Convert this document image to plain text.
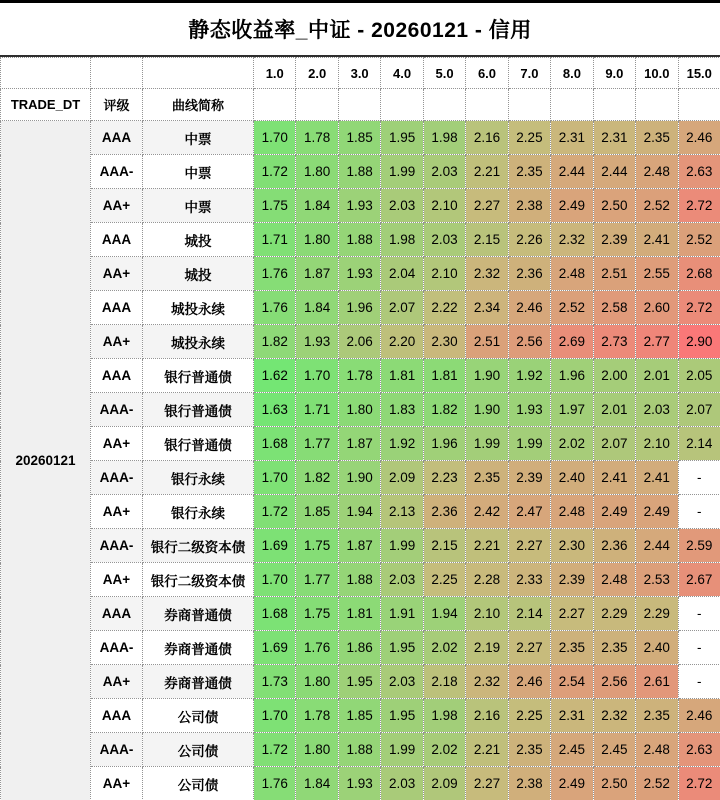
静态收益率_中证 - 20260121 - 信用
			1.0	2.0	3.0	4.0	5.0	6.0	7.0	8.0	9.0	10.0	15.0
TRADE_DT	评级	曲线简称											
20260121	AAA	中票	1.70	1.78	1.85	1.95	1.98	2.16	2.25	2.31	2.31	2.35	2.46
	AAA-	中票	1.72	1.80	1.88	1.99	2.03	2.21	2.35	2.44	2.44	2.48	2.63
	AA+	中票	1.75	1.84	1.93	2.03	2.10	2.27	2.38	2.49	2.50	2.52	2.72
	AAA	城投	1.71	1.80	1.88	1.98	2.03	2.15	2.26	2.32	2.39	2.41	2.52
	AA+	城投	1.76	1.87	1.93	2.04	2.10	2.32	2.36	2.48	2.51	2.55	2.68
	AAA	城投永续	1.76	1.84	1.96	2.07	2.22	2.34	2.46	2.52	2.58	2.60	2.72
	AA+	城投永续	1.82	1.93	2.06	2.20	2.30	2.51	2.56	2.69	2.73	2.77	2.90
	AAA	银行普通债	1.62	1.70	1.78	1.81	1.81	1.90	1.92	1.96	2.00	2.01	2.05
	AAA-	银行普通债	1.63	1.71	1.80	1.83	1.82	1.90	1.93	1.97	2.01	2.03	2.07
	AA+	银行普通债	1.68	1.77	1.87	1.92	1.96	1.99	1.99	2.02	2.07	2.10	2.14
	AAA-	银行永续	1.70	1.82	1.90	2.09	2.23	2.35	2.39	2.40	2.41	2.41	-
	AA+	银行永续	1.72	1.85	1.94	2.13	2.36	2.42	2.47	2.48	2.49	2.49	-
	AAA-	银行二级资本债	1.69	1.75	1.87	1.99	2.15	2.21	2.27	2.30	2.36	2.44	2.59
	AA+	银行二级资本债	1.70	1.77	1.88	2.03	2.25	2.28	2.33	2.39	2.48	2.53	2.67
	AAA	券商普通债	1.68	1.75	1.81	1.91	1.94	2.10	2.14	2.27	2.29	2.29	-
	AAA-	券商普通债	1.69	1.76	1.86	1.95	2.02	2.19	2.27	2.35	2.35	2.40	-
	AA+	券商普通债	1.73	1.80	1.95	2.03	2.18	2.32	2.46	2.54	2.56	2.61	-
	AAA	公司债	1.70	1.78	1.85	1.95	1.98	2.16	2.25	2.31	2.32	2.35	2.46
	AAA-	公司债	1.72	1.80	1.88	1.99	2.02	2.21	2.35	2.45	2.45	2.48	2.63
	AA+	公司债	1.76	1.84	1.93	2.03	2.09	2.27	2.38	2.49	2.50	2.52	2.72
